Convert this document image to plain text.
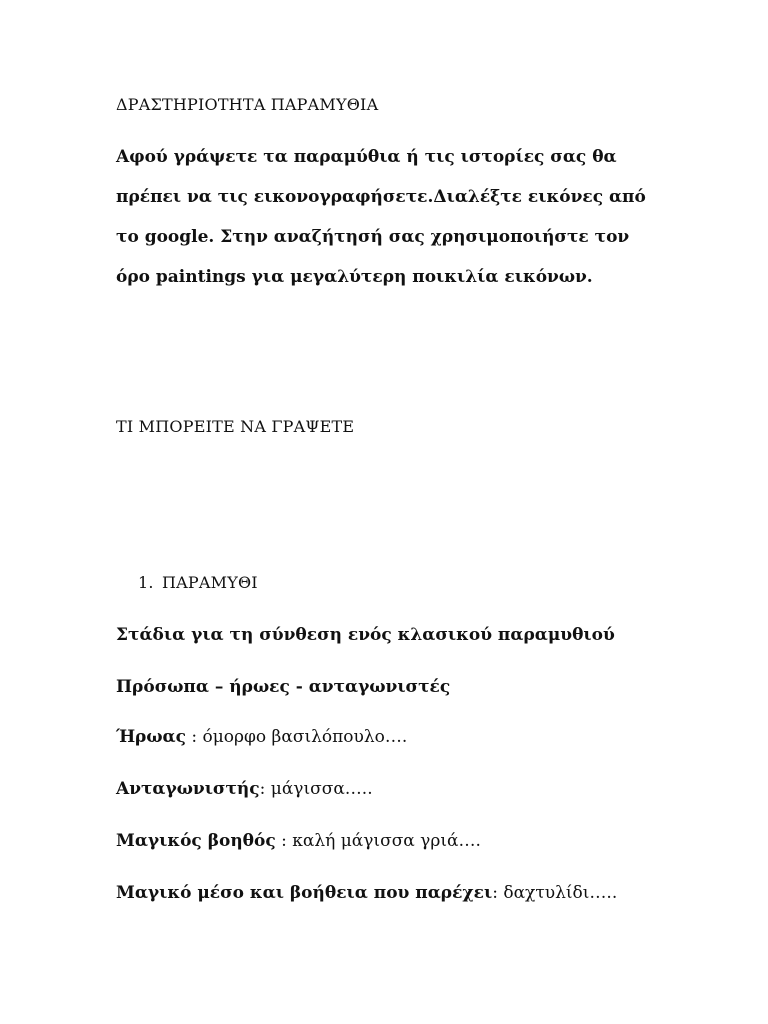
ΔΡΑΣΤΗΡΙΟΤΗΤΑ ΠΑΡΑΜΥΘΙΑ
Αφού γράψετε τα παραμύθια ή τις ιστορίες σας θα
πρέπει να τις εικονογραφήσετε.Διαλέξτε εικόνες από
το google. Στην αναζήτησή σας χρησιμοποιήστε τον
όρο paintings για μεγαλύτερη ποικιλία εικόνων.
ΤΙ ΜΠΟΡΕΙΤΕ ΝΑ ΓΡΑΨΕΤΕ
1. ΠΑΡΑΜΥΘΙ
Στάδια για τη σύνθεση ενός κλασικού παραμυθιού
Πρόσωπα – ήρωες - ανταγωνιστές
Ήρωας : όμορφο βασιλόπουλο….
Ανταγωνιστής: μάγισσα…..
Μαγικός βοηθός : καλή μάγισσα γριά….
Μαγικό μέσο και βοήθεια που παρέχει: δαχτυλίδι…..
